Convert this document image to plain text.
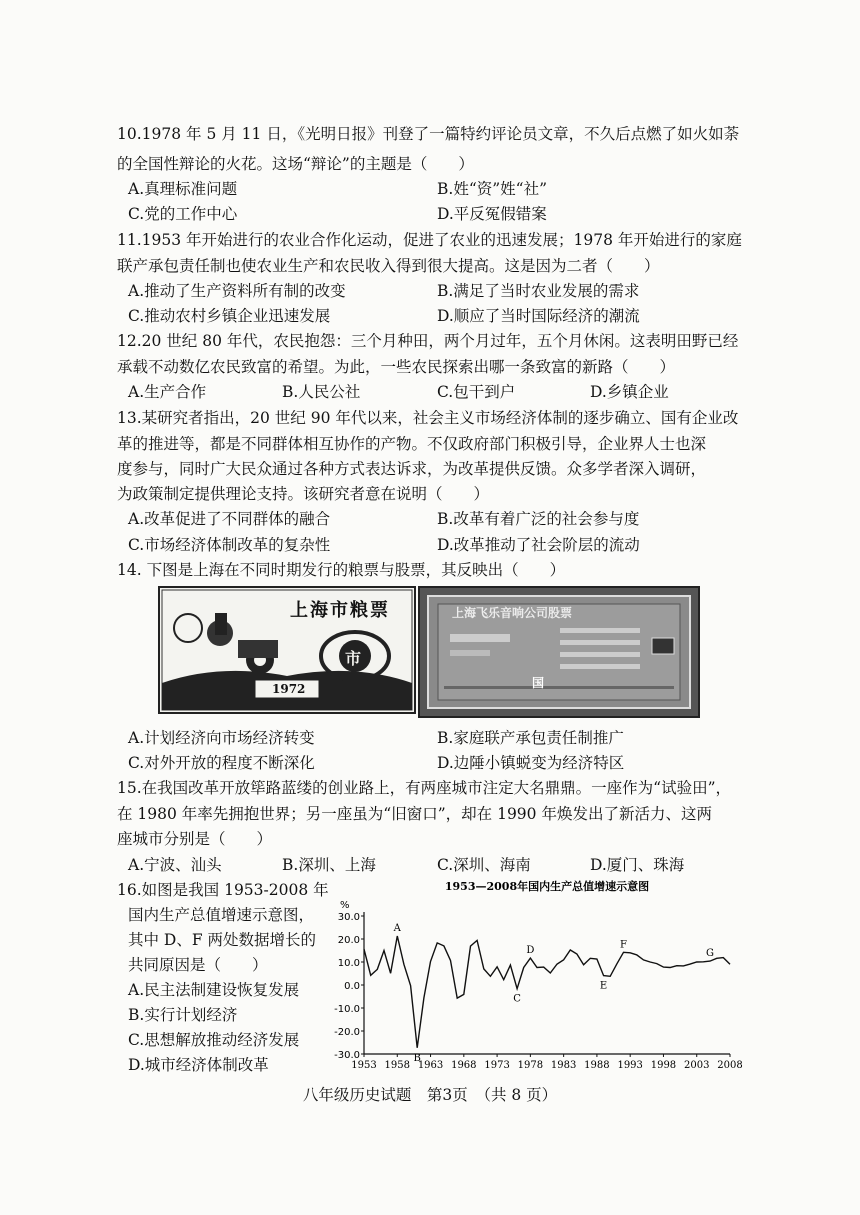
10.1978 年 5 月 11 日，《光明日报》刊登了一篇特约评论员文章，不久后点燃了如火如荼
的全国性辩论的火花。这场“辩论”的主题是（　　）
A.真理标准问题	B.姓“资”姓“社”
C.党的工作中心	D.平反冤假错案
11.1953 年开始进行的农业合作化运动，促进了农业的迅速发展；1978 年开始进行的家庭
联产承包责任制也使农业生产和农民收入得到很大提高。这是因为二者（　　）
A.推动了生产资料所有制的改变	B.满足了当时农业发展的需求
C.推动农村乡镇企业迅速发展	D.顺应了当时国际经济的潮流
12.20 世纪 80 年代，农民抱怨：三个月种田，两个月过年，五个月休闲。这表明田野已经
承载不动数亿农民致富的希望。为此，一些农民探索出哪一条致富的新路（　　）
A.生产合作	B.人民公社	C.包干到户	D.乡镇企业
13.某研究者指出，20 世纪 90 年代以来，社会主义市场经济体制的逐步确立、国有企业改
革的推进等，都是不同群体相互协作的产物。不仅政府部门积极引导，企业界人士也深
度参与，同时广大民众通过各种方式表达诉求，为改革提供反馈。众多学者深入调研，
为政策制定提供理论支持。该研究者意在说明（　　）
A.改革促进了不同群体的融合	B.改革有着广泛的社会参与度
C.市场经济体制改革的复杂性	D.改革推动了社会阶层的流动
14. 下图是上海在不同时期发行的粮票与股票，其反映出（　　）
上海市粮票
1972
市
上海飞乐音响公司股票
国
A.计划经济向市场经济转变	B.家庭联产承包责任制推广
C.对外开放的程度不断深化	D.边陲小镇蜕变为经济特区
15.在我国改革开放筚路蓝缕的创业路上，有两座城市注定大名鼎鼎。一座作为“试验田”，
在 1980 年率先拥抱世界；另一座虽为“旧窗口”，却在 1990 年焕发出了新活力、这两
座城市分别是（　　）
A.宁波、汕头	B.深圳、上海	C.深圳、海南	D.厦门、珠海
16.如图是我国 1953-2008 年
国内生产总值增速示意图，
其中 D、F 两处数据增长的
共同原因是（　　）
A.民主法制建设恢复发展
B.实行计划经济
C.思想解放推动经济发展
D.城市经济体制改革
1953—2008年国内生产总值增速示意图
%
30.0
20.0
10.0
0.0
-10.0
-20.0
-30.0
1953 1958 1963 1968 1973 1978 1983 1988 1993 1998 2003 2008
A
B
C
D
E
F
G
八年级历史试题　第3页　（共 8 页）
